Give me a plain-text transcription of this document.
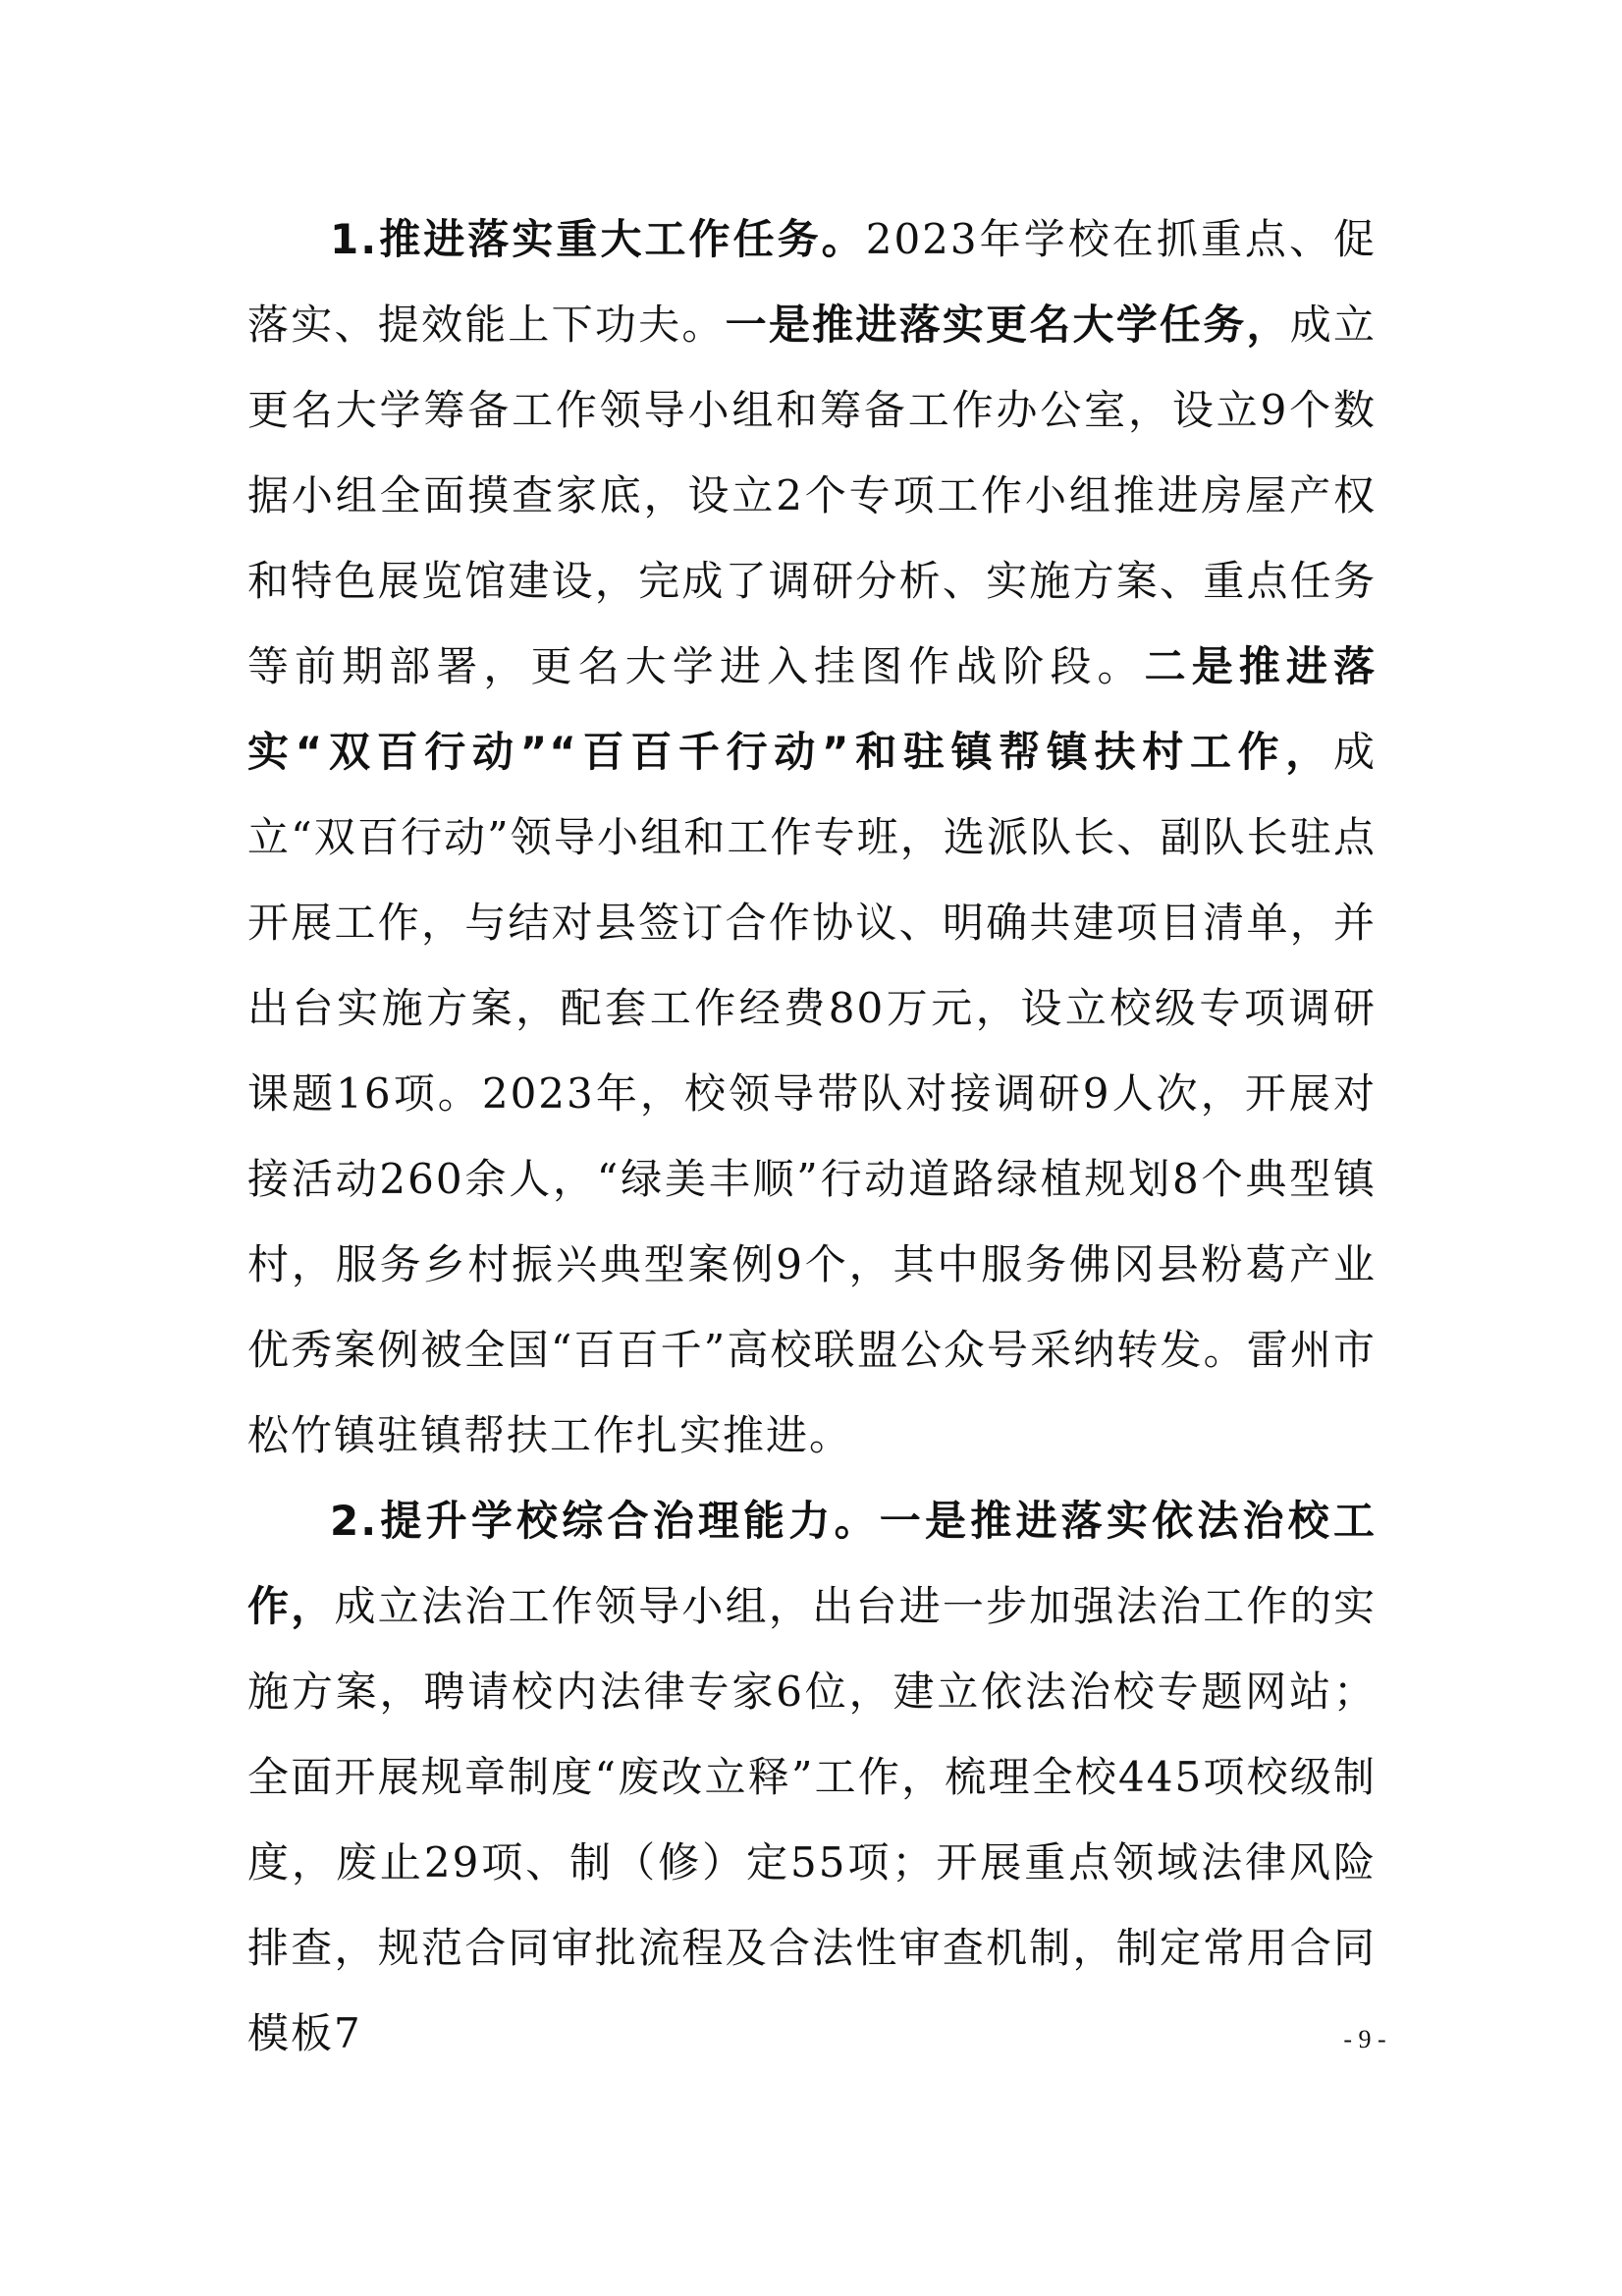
1.推进落实重大工作任务。2023年学校在抓重点、促落实、提效能上下功夫。一是推进落实更名大学任务，成立更名大学筹备工作领导小组和筹备工作办公室，设立9个数据小组全面摸查家底，设立2个专项工作小组推进房屋产权和特色展览馆建设，完成了调研分析、实施方案、重点任务等前期部署，更名大学进入挂图作战阶段。二是推进落实“双百行动”“百百千行动”和驻镇帮镇扶村工作，成立“双百行动”领导小组和工作专班，选派队长、副队长驻点开展工作，与结对县签订合作协议、明确共建项目清单，并出台实施方案，配套工作经费80万元，设立校级专项调研课题16项。2023年，校领导带队对接调研9人次，开展对接活动260余人，“绿美丰顺”行动道路绿植规划8个典型镇村，服务乡村振兴典型案例9个，其中服务佛冈县粉葛产业优秀案例被全国“百百千”高校联盟公众号采纳转发。雷州市松竹镇驻镇帮扶工作扎实推进。

2.提升学校综合治理能力。一是推进落实依法治校工作，成立法治工作领导小组，出台进一步加强法治工作的实施方案，聘请校内法律专家6位，建立依法治校专题网站；全面开展规章制度“废改立释”工作，梳理全校445项校级制度，废止29项、制（修）定55项；开展重点领域法律风险排查，规范合同审批流程及合法性审查机制，制定常用合同模板7	- 9 -
